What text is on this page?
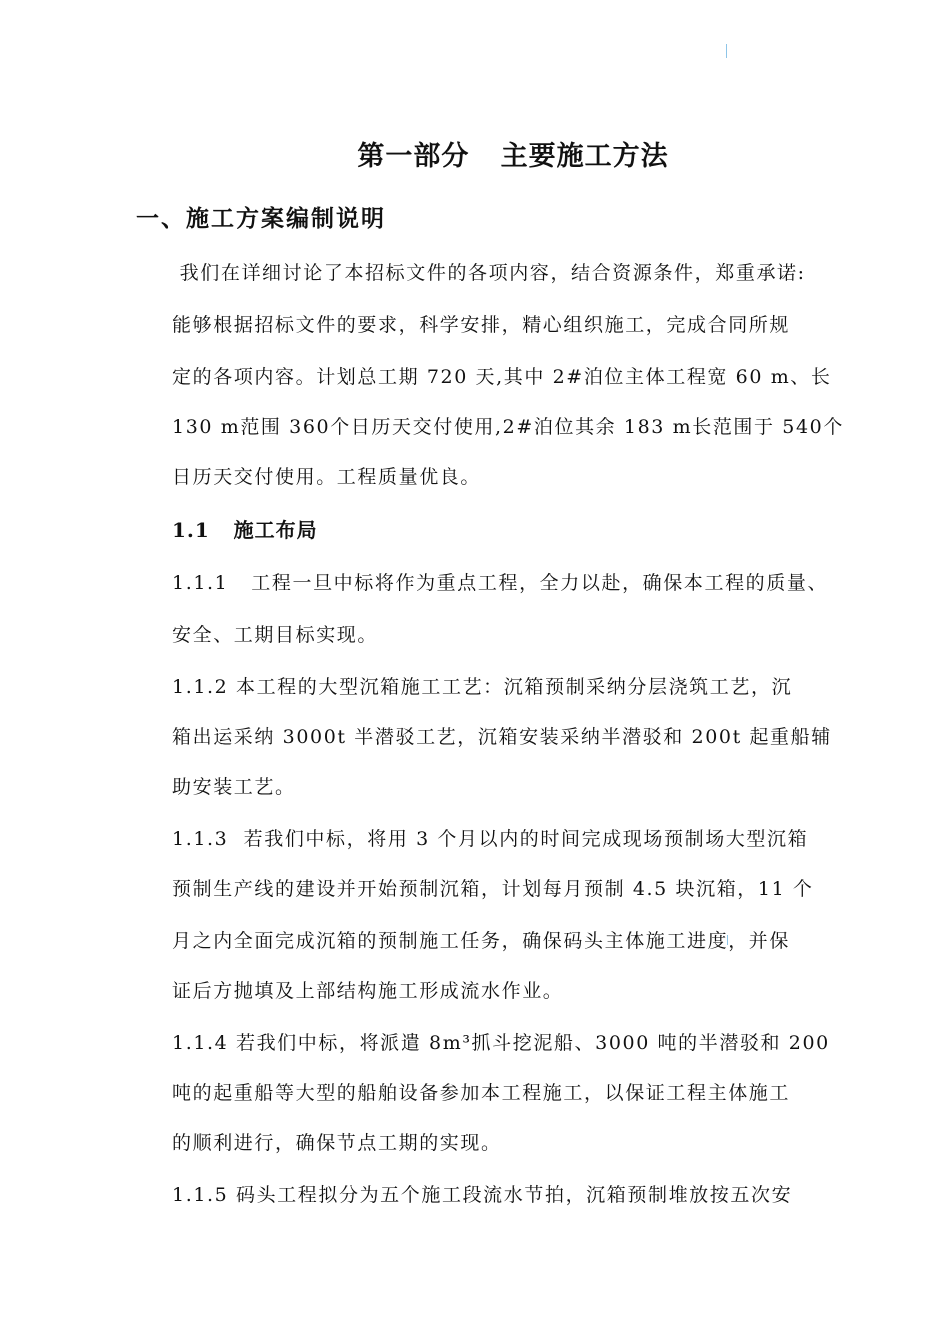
第一部分   主要施工方法
一、施工方案编制说明
我们在详细讨论了本招标文件的各项内容，结合资源条件，郑重承诺:
能够根据招标文件的要求，科学安排，精心组织施工，完成合同所规
定的各项内容。计划总工期 720 天,其中 2#泊位主体工程宽 60 m、长
130 m范围 360个日历天交付使用,2#泊位其余 183 m长范围于 540个
日历天交付使用。工程质量优良。
1.1   施工布局
1.1.1   工程一旦中标将作为重点工程，全力以赴，确保本工程的质量、
安全、工期目标实现。
1.1.2 本工程的大型沉箱施工工艺：沉箱预制采纳分层浇筑工艺，沉
箱出运采纳 3000t 半潜驳工艺，沉箱安装采纳半潜驳和 200t 起重船辅
助安装工艺。
1.1.3  若我们中标，将用 3 个月以内的时间完成现场预制场大型沉箱
预制生产线的建设并开始预制沉箱，计划每月预制 4.5 块沉箱，11 个
月之内全面完成沉箱的预制施工任务，确保码头主体施工进度，并保
证后方抛填及上部结构施工形成流水作业。
1.1.4 若我们中标，将派遣 8m³抓斗挖泥船、3000 吨的半潜驳和 200
吨的起重船等大型的船舶设备参加本工程施工，以保证工程主体施工
的顺利进行，确保节点工期的实现。
1.1.5 码头工程拟分为五个施工段流水节拍，沉箱预制堆放按五次安
